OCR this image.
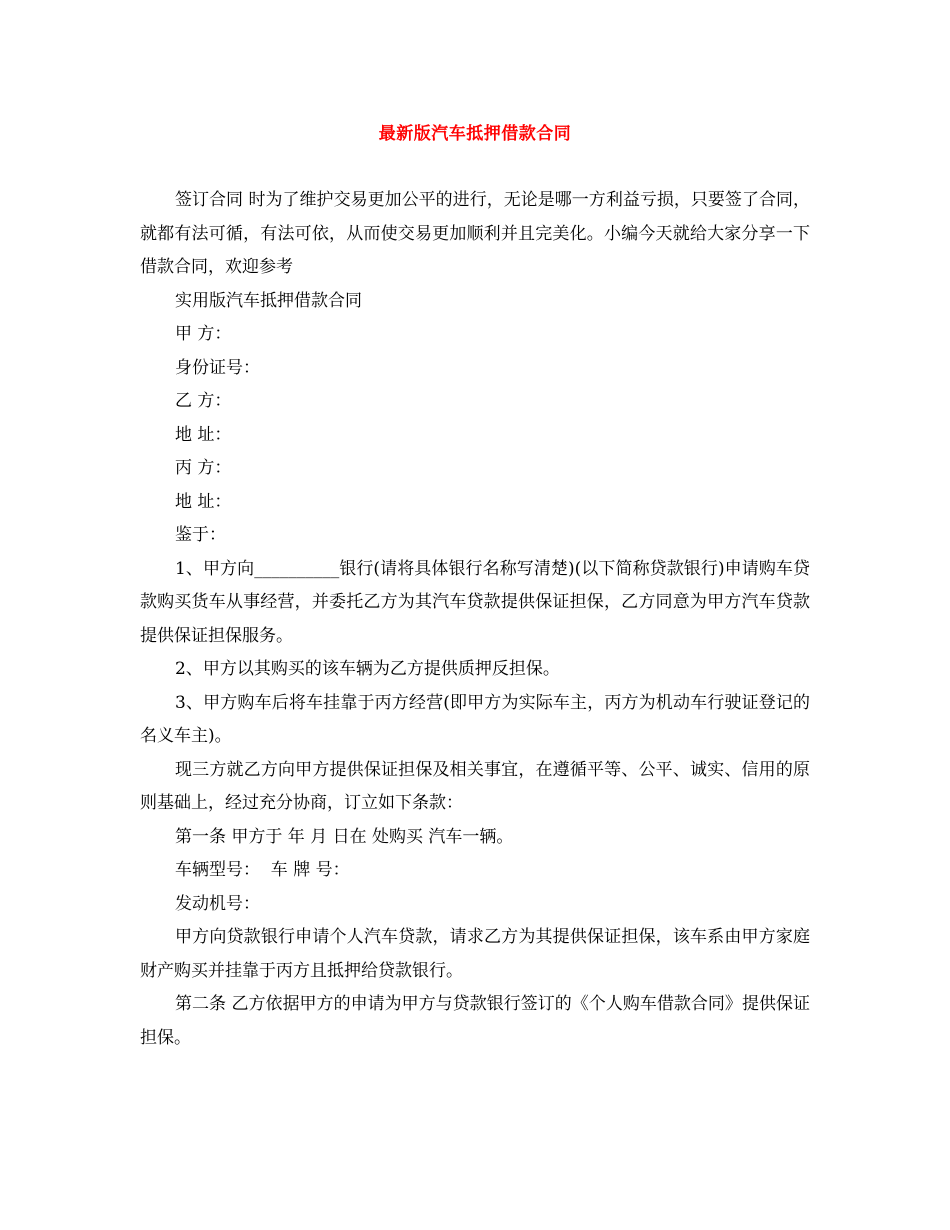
最新版汽车抵押借款合同

签订合同 时为了维护交易更加公平的进行，无论是哪一方利益亏损，只要签了合同，就都有法可循，有法可依，从而使交易更加顺利并且完美化。小编今天就给大家分享一下借款合同，欢迎参考

实用版汽车抵押借款合同

甲 方：

身份证号：

乙 方：

地 址：

丙 方：

地 址：

鉴于：

1、甲方向__________银行(请将具体银行名称写清楚)(以下简称贷款银行)申请购车贷款购买货车从事经营，并委托乙方为其汽车贷款提供保证担保，乙方同意为甲方汽车贷款提供保证担保服务。

2、甲方以其购买的该车辆为乙方提供质押反担保。

3、甲方购车后将车挂靠于丙方经营(即甲方为实际车主，丙方为机动车行驶证登记的名义车主)。

现三方就乙方向甲方提供保证担保及相关事宜，在遵循平等、公平、诚实、信用的原则基础上，经过充分协商，订立如下条款：

第一条 甲方于 年 月 日在 处购买 汽车一辆。

车辆型号：  车 牌 号：

发动机号：

甲方向贷款银行申请个人汽车贷款，请求乙方为其提供保证担保，该车系由甲方家庭财产购买并挂靠于丙方且抵押给贷款银行。

第二条 乙方依据甲方的申请为甲方与贷款银行签订的《个人购车借款合同》提供保证担保。
